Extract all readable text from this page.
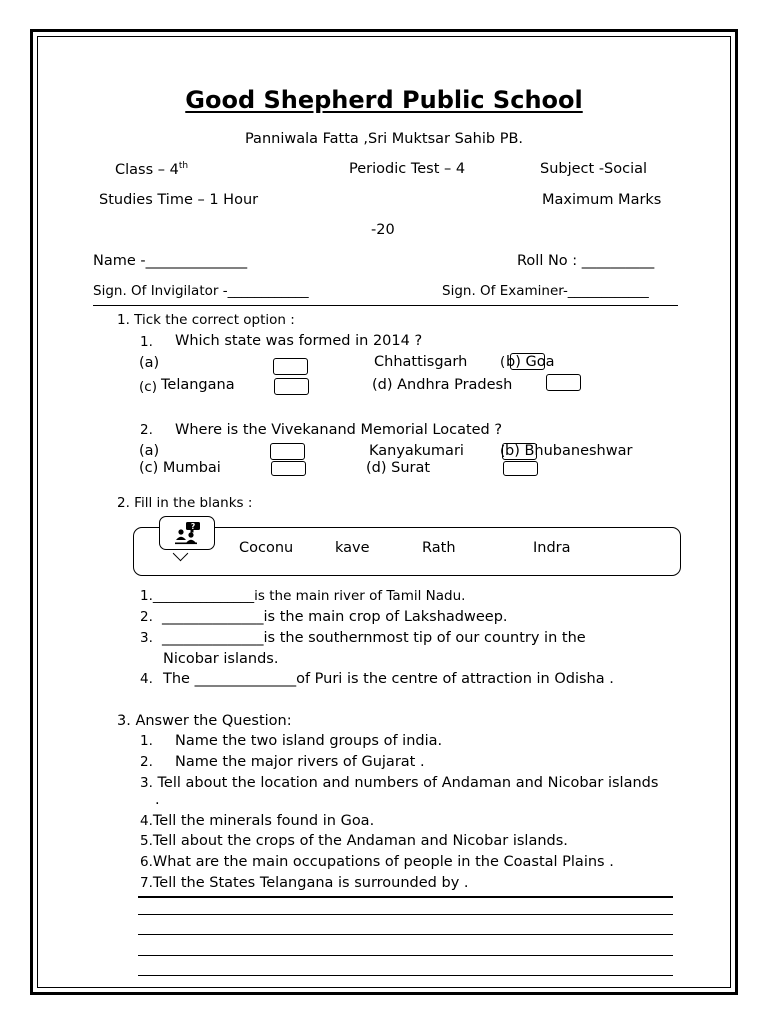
Good Shepherd Public School
Panniwala Fatta ,Sri Muktsar Sahib PB.
Class – 4th	Periodic Test – 4	Subject -Social
Studies Time – 1 Hour	Maximum Marks
-20
Name -______________	Roll No : __________
Sign. Of Invigilator -____________	Sign. Of Examiner-____________
1. Tick the correct option :
1. Which state was formed in 2014 ?
(a)	Chhattisgarh ( b) Goa
(c) Telangana	(d) Andhra Pradesh
2. Where is the Vivekanand Memorial Located ?
(a)	Kanyakumari	( b) Bhubaneshwar
(c) Mumbai	(d) Surat
2. Fill in the blanks :
?
Coconu	kave	Rath	Indra
1._______________is the main river of Tamil Nadu.
2. ______________is the main crop of Lakshadweep.
3. ______________is the southernmost tip of our country in the
Nicobar islands.
4. The ______________of Puri is the centre of attraction in Odisha .
3. Answer the Question:
1. Name the two island groups of india.
2. Name the major rivers of Gujarat .
3. Tell about the location and numbers of Andaman and Nicobar islands
.
4.Tell the minerals found in Goa.
5.Tell about the crops of the Andaman and Nicobar islands.
6.What are the main occupations of people in the Coastal Plains .
7.Tell the States Telangana is surrounded by .
